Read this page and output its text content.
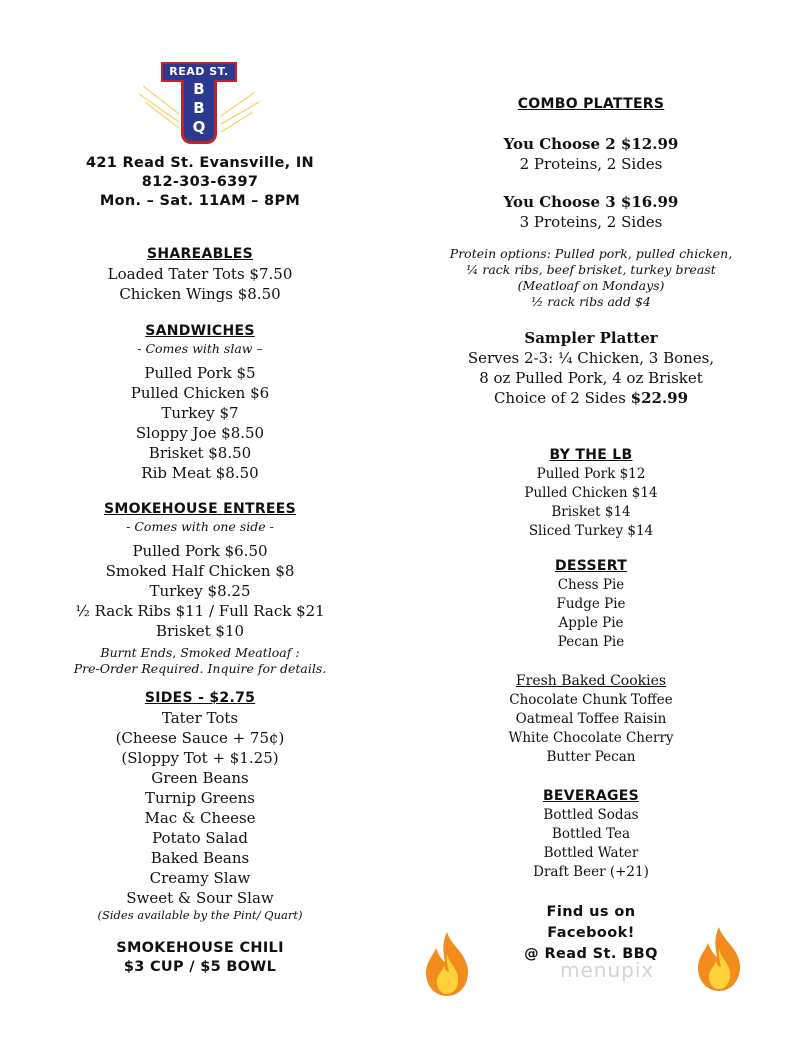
READ ST.
B
B
Q
421 Read St. Evansville, IN
812-303-6397
Mon. – Sat. 11AM – 8PM
SHAREABLES
Loaded Tater Tots $7.50
Chicken Wings $8.50
SANDWICHES
- Comes with slaw –
Pulled Pork $5
Pulled Chicken $6
Turkey $7
Sloppy Joe $8.50
Brisket $8.50
Rib Meat $8.50
SMOKEHOUSE ENTREES
- Comes with one side -
Pulled Pork $6.50
Smoked Half Chicken $8
Turkey $8.25
½ Rack Ribs $11 / Full Rack $21
Brisket $10
Burnt Ends, Smoked Meatloaf :
Pre-Order Required. Inquire for details.
SIDES - $2.75
Tater Tots
(Cheese Sauce + 75¢)
(Sloppy Tot + $1.25)
Green Beans
Turnip Greens
Mac & Cheese
Potato Salad
Baked Beans
Creamy Slaw
Sweet & Sour Slaw
(Sides available by the Pint/ Quart)
SMOKEHOUSE CHILI
$3 CUP / $5 BOWL
COMBO PLATTERS
You Choose 2 $12.99
2 Proteins, 2 Sides
You Choose 3 $16.99
3 Proteins, 2 Sides
Protein options: Pulled pork, pulled chicken,
¼ rack ribs, beef brisket, turkey breast
(Meatloaf on Mondays)
½ rack ribs add $4
Sampler Platter
Serves 2-3: ¼ Chicken, 3 Bones,
8 oz Pulled Pork, 4 oz Brisket
Choice of 2 Sides $22.99
BY THE LB
Pulled Pork $12
Pulled Chicken $14
Brisket $14
Sliced Turkey $14
DESSERT
Chess Pie
Fudge Pie
Apple Pie
Pecan Pie
Fresh Baked Cookies
Chocolate Chunk Toffee
Oatmeal Toffee Raisin
White Chocolate Cherry
Butter Pecan
BEVERAGES
Bottled Sodas
Bottled Tea
Bottled Water
Draft Beer (+21)
Find us on
Facebook!
@ Read St. BBQ
menupix
